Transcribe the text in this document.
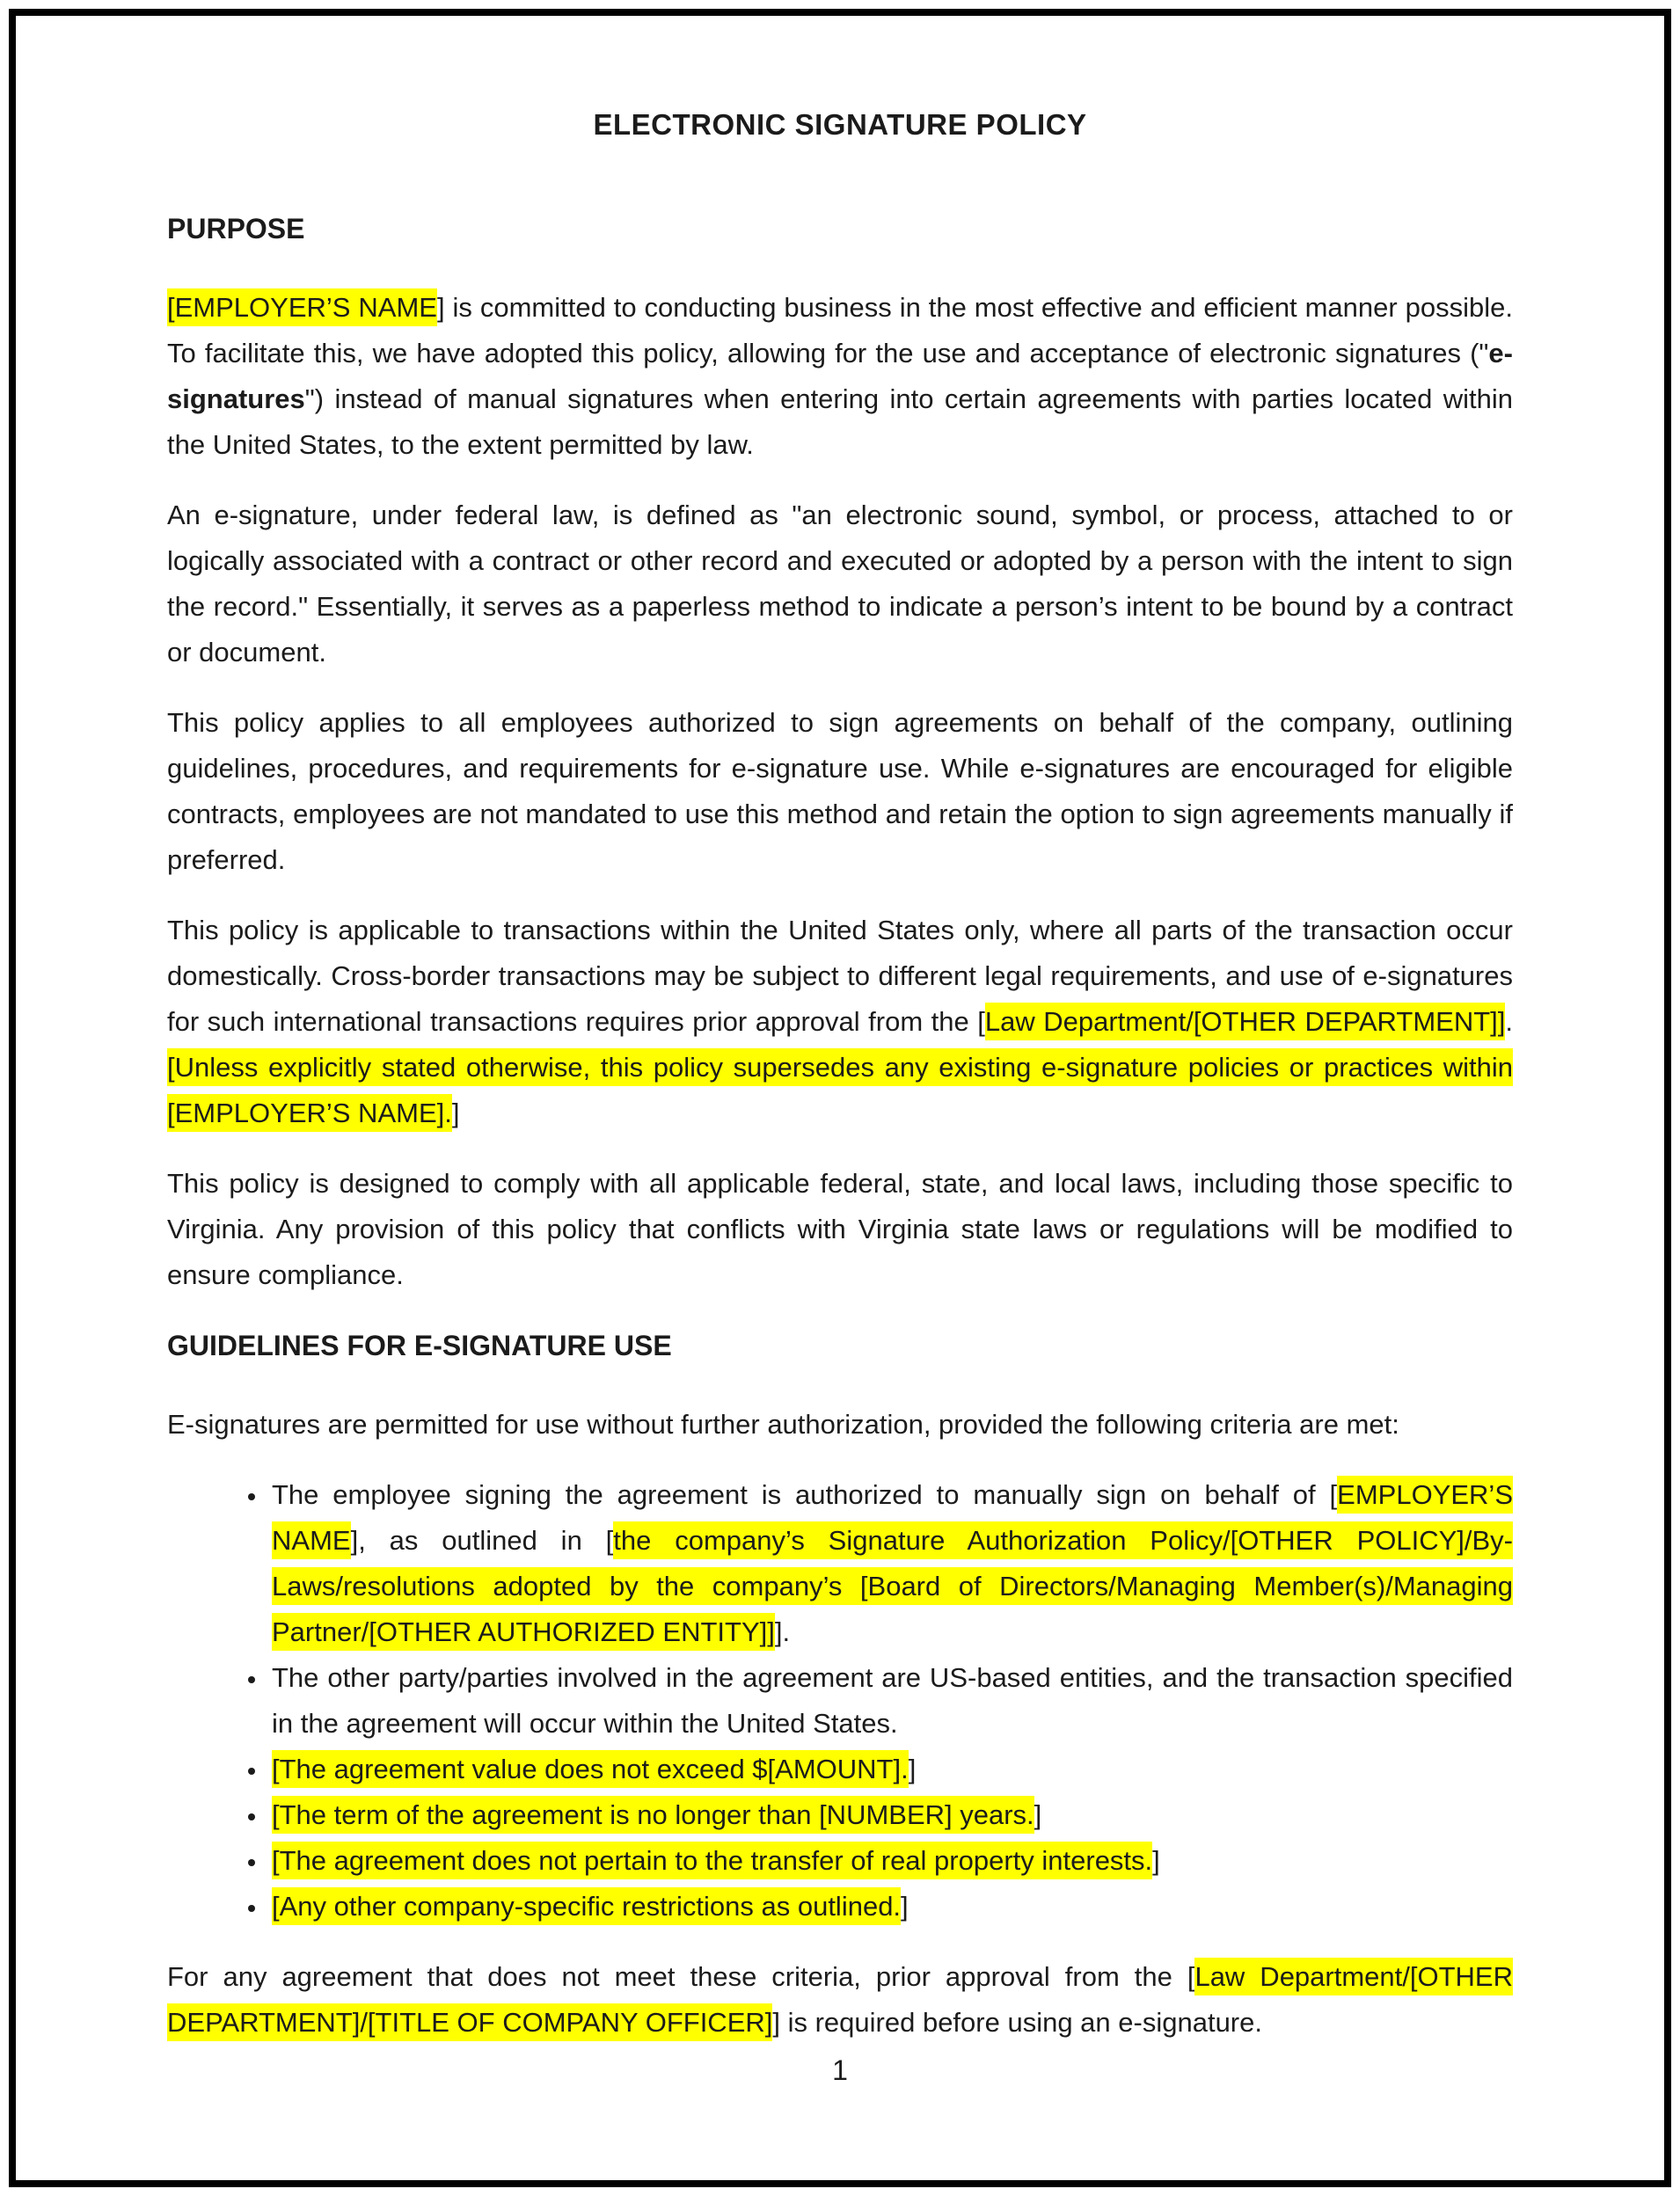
ELECTRONIC SIGNATURE POLICY
PURPOSE

[EMPLOYER’S NAME] is committed to conducting business in the most effective and efficient manner possible. To facilitate this, we have adopted this policy, allowing for the use and acceptance of electronic signatures ("e-signatures") instead of manual signatures when entering into certain agreements with parties located within the United States, to the extent permitted by law.

An e-signature, under federal law, is defined as "an electronic sound, symbol, or process, attached to or logically associated with a contract or other record and executed or adopted by a person with the intent to sign the record." Essentially, it serves as a paperless method to indicate a person’s intent to be bound by a contract or document.

This policy applies to all employees authorized to sign agreements on behalf of the company, outlining guidelines, procedures, and requirements for e-signature use. While e-signatures are encouraged for eligible contracts, employees are not mandated to use this method and retain the option to sign agreements manually if preferred.

This policy is applicable to transactions within the United States only, where all parts of the transaction occur domestically. Cross-border transactions may be subject to different legal requirements, and use of e-signatures for such international transactions requires prior approval from the [Law Department/[OTHER DEPARTMENT]]. [Unless explicitly stated otherwise, this policy supersedes any existing e-signature policies or practices within [EMPLOYER’S NAME].]

This policy is designed to comply with all applicable federal, state, and local laws, including those specific to Virginia. Any provision of this policy that conflicts with Virginia state laws or regulations will be modified to ensure compliance.

GUIDELINES FOR E-SIGNATURE USE

E-signatures are permitted for use without further authorization, provided the following criteria are met:

• The employee signing the agreement is authorized to manually sign on behalf of [EMPLOYER’S NAME], as outlined in [the company’s Signature Authorization Policy/[OTHER POLICY]/By-Laws/resolutions adopted by the company’s [Board of Directors/Managing Member(s)/Managing Partner/[OTHER AUTHORIZED ENTITY]]].
• The other party/parties involved in the agreement are US-based entities, and the transaction specified in the agreement will occur within the United States.
• [The agreement value does not exceed $[AMOUNT].]
• [The term of the agreement is no longer than [NUMBER] years.]
• [The agreement does not pertain to the transfer of real property interests.]
• [Any other company-specific restrictions as outlined.]

For any agreement that does not meet these criteria, prior approval from the [Law Department/[OTHER DEPARTMENT]/[TITLE OF COMPANY OFFICER]] is required before using an e-signature.

1
